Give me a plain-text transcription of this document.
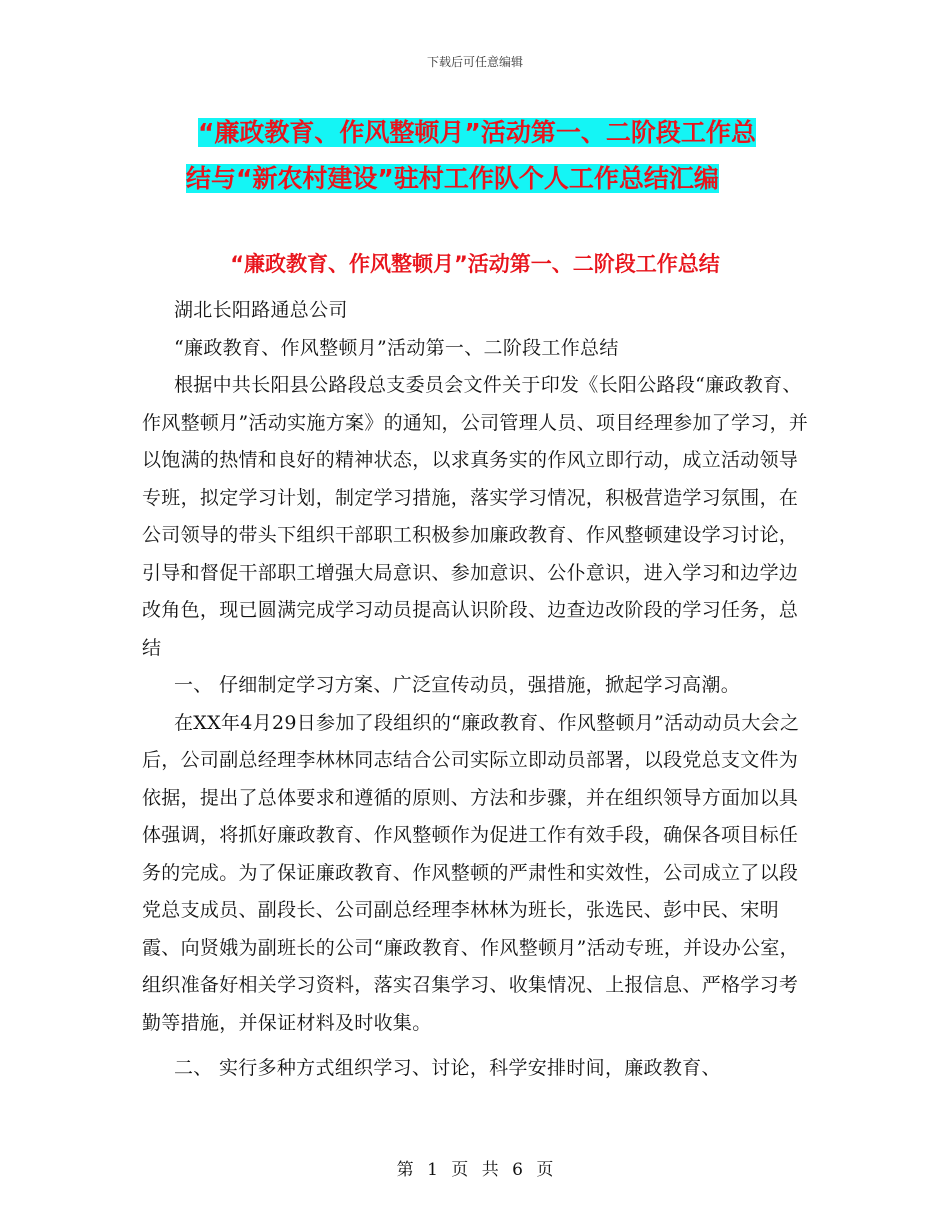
下载后可任意编辑
“廉政教育、作风整顿月”活动第一、二阶段工作总
结与“新农村建设”驻村工作队个人工作总结汇编
“廉政教育、作风整顿月”活动第一、二阶段工作总结

湖北长阳路通总公司

“廉政教育、作风整顿月”活动第一、二阶段工作总结

根据中共长阳县公路段总支委员会文件关于印发《长阳公路段“廉政教育、作风整顿月”活动实施方案》的通知，公司管理人员、项目经理参加了学习，并以饱满的热情和良好的精神状态，以求真务实的作风立即行动，成立活动领导专班，拟定学习计划，制定学习措施，落实学习情况，积极营造学习氛围，在公司领导的带头下组织干部职工积极参加廉政教育、作风整顿建设学习讨论，引导和督促干部职工增强大局意识、参加意识、公仆意识，进入学习和边学边改角色，现已圆满完成学习动员提高认识阶段、边查边改阶段的学习任务，总结

一、 仔细制定学习方案、广泛宣传动员，强措施，掀起学习高潮。

在XX年4月29日参加了段组织的“廉政教育、作风整顿月”活动动员大会之后，公司副总经理李林林同志结合公司实际立即动员部署，以段党总支文件为依据，提出了总体要求和遵循的原则、方法和步骤，并在组织领导方面加以具体强调，将抓好廉政教育、作风整顿作为促进工作有效手段，确保各项目标任务的完成。为了保证廉政教育、作风整顿的严肃性和实效性，公司成立了以段党总支成员、副段长、公司副总经理李林林为班长，张选民、彭中民、宋明霞、向贤娥为副班长的公司“廉政教育、作风整顿月”活动专班，并设办公室，组织准备好相关学习资料，落实召集学习、收集情况、上报信息、严格学习考勤等措施，并保证材料及时收集。

二、 实行多种方式组织学习、讨论，科学安排时间，廉政教育、

第 1 页 共 6 页
